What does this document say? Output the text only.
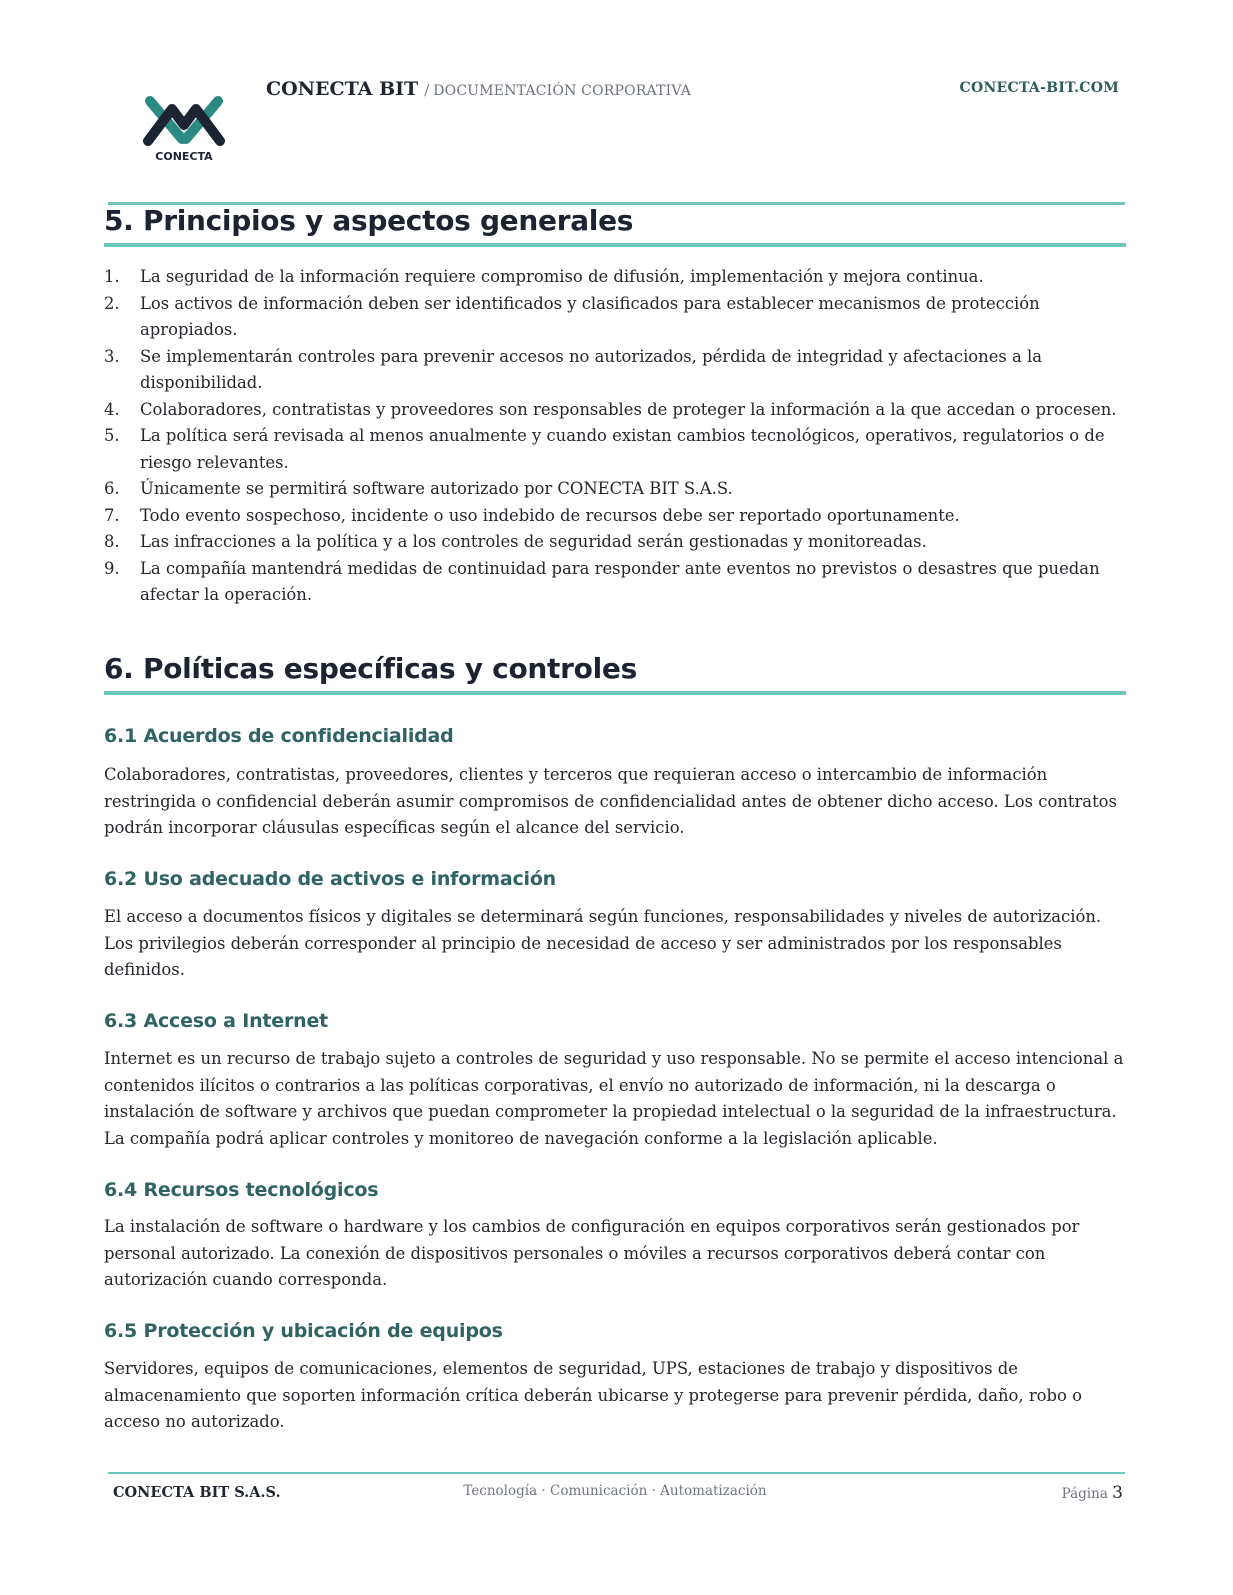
CONECTA
CONECTA BIT / DOCUMENTACIÓN CORPORATIVA	CONECTA-BIT.COM
5. Principios y aspectos generales
1. La seguridad de la información requiere compromiso de difusión, implementación y mejora continua.
2. Los activos de información deben ser identificados y clasificados para establecer mecanismos de protección apropiados.
3. Se implementarán controles para prevenir accesos no autorizados, pérdida de integridad y afectaciones a la disponibilidad.
4. Colaboradores, contratistas y proveedores son responsables de proteger la información a la que accedan o procesen.
5. La política será revisada al menos anualmente y cuando existan cambios tecnológicos, operativos, regulatorios o de riesgo relevantes.
6. Únicamente se permitirá software autorizado por CONECTA BIT S.A.S.
7. Todo evento sospechoso, incidente o uso indebido de recursos debe ser reportado oportunamente.
8. Las infracciones a la política y a los controles de seguridad serán gestionadas y monitoreadas.
9. La compañía mantendrá medidas de continuidad para responder ante eventos no previstos o desastres que puedan afectar la operación.
6. Políticas específicas y controles
6.1 Acuerdos de confidencialidad

Colaboradores, contratistas, proveedores, clientes y terceros que requieran acceso o intercambio de información restringida o confidencial deberán asumir compromisos de confidencialidad antes de obtener dicho acceso. Los contratos podrán incorporar cláusulas específicas según el alcance del servicio.

6.2 Uso adecuado de activos e información

El acceso a documentos físicos y digitales se determinará según funciones, responsabilidades y niveles de autorización. Los privilegios deberán corresponder al principio de necesidad de acceso y ser administrados por los responsables definidos.

6.3 Acceso a Internet

Internet es un recurso de trabajo sujeto a controles de seguridad y uso responsable. No se permite el acceso intencional a contenidos ilícitos o contrarios a las políticas corporativas, el envío no autorizado de información, ni la descarga o instalación de software y archivos que puedan comprometer la propiedad intelectual o la seguridad de la infraestructura. La compañía podrá aplicar controles y monitoreo de navegación conforme a la legislación aplicable.

6.4 Recursos tecnológicos

La instalación de software o hardware y los cambios de configuración en equipos corporativos serán gestionados por personal autorizado. La conexión de dispositivos personales o móviles a recursos corporativos deberá contar con autorización cuando corresponda.

6.5 Protección y ubicación de equipos

Servidores, equipos de comunicaciones, elementos de seguridad, UPS, estaciones de trabajo y dispositivos de almacenamiento que soporten información crítica deberán ubicarse y protegerse para prevenir pérdida, daño, robo o acceso no autorizado.

CONECTA BIT S.A.S.	Tecnología · Comunicación · Automatización	Página 3
